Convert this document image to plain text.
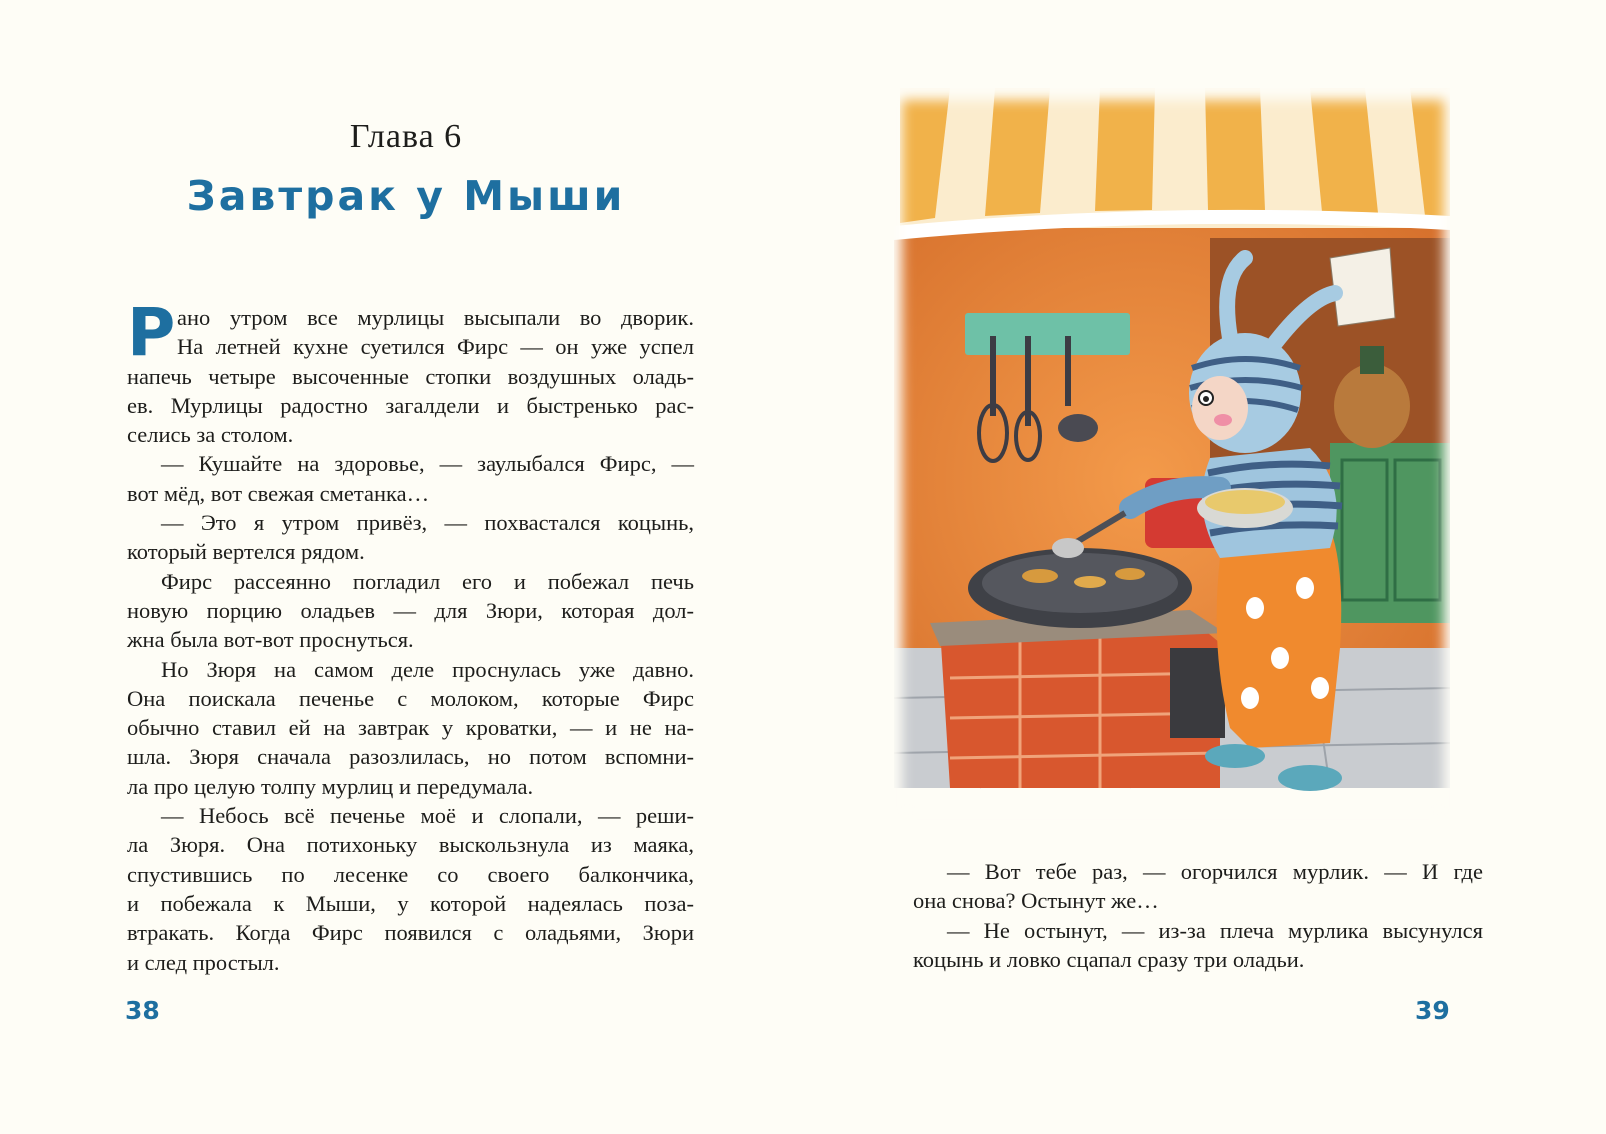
Глава 6
Завтрак у Мыши
Р ано утром все мурлицы высыпали во дворик.
На летней кухне суетился Фирс — он уже успел
напечь четыре высоченные стопки воздушных оладь-
ев. Мурлицы радостно загалдели и быстренько рас-
селись за столом.
— Кушайте на здоровье, — заулыбался Фирс, —
вот мёд, вот свежая сметанка…
— Это я утром привёз, — похвастался коцынь,
который вертелся рядом.
Фирс рассеянно погладил его и побежал печь
новую порцию оладьев — для Зюри, которая дол-
жна была вот-вот проснуться.
Но Зюря на самом деле проснулась уже давно.
Она поискала печенье с молоком, которые Фирс
обычно ставил ей на завтрак у кроватки, — и не на-
шла. Зюря сначала разозлилась, но потом вспомни-
ла про целую толпу мурлиц и передумала.
— Небось всё печенье моё и слопали, — реши-
ла Зюря. Она потихоньку выскользнула из маяка,
спустившись по лесенке со своего балкончика,
и побежала к Мыши, у которой надеялась поза-
втракать. Когда Фирс появился с оладьями, Зюри
и след простыл.
38
— Вот тебе раз, — огорчился мурлик. — И где
она снова? Остынут же…
— Не остынут, — из-за плеча мурлика высунулся
коцынь и ловко сцапал сразу три оладьи.
39
